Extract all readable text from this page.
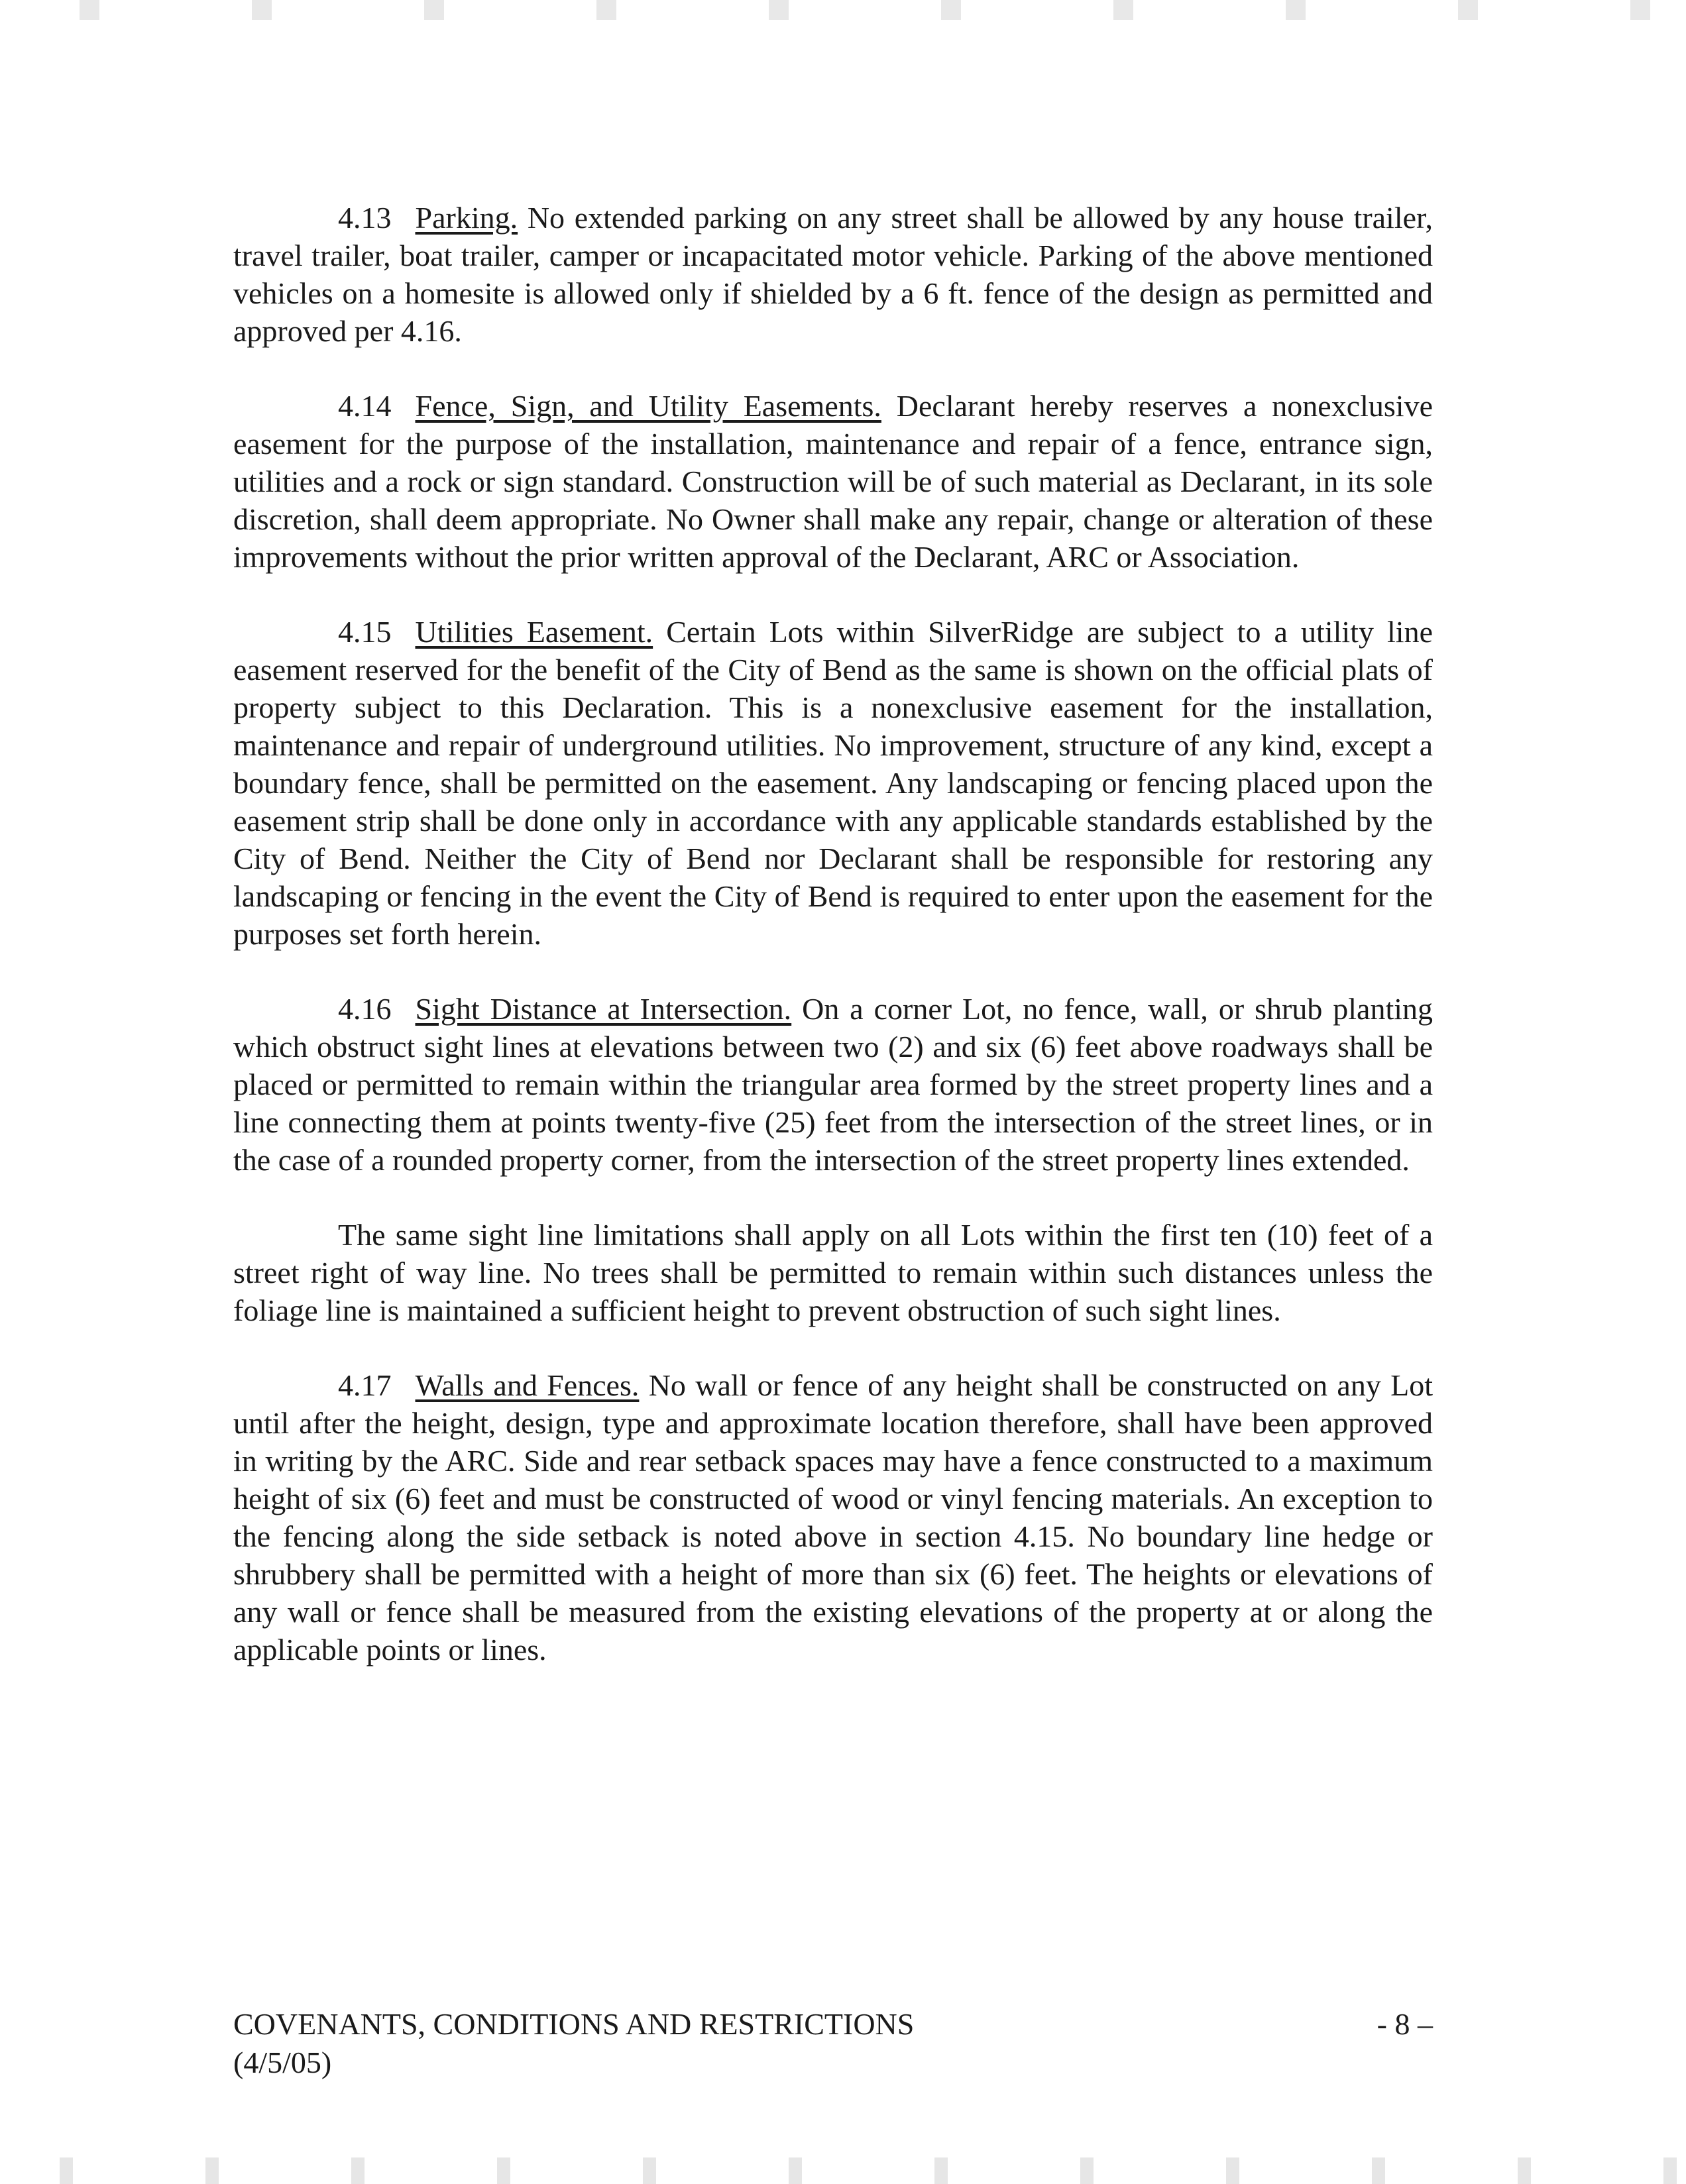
4.13 Parking. No extended parking on any street shall be allowed by any house trailer, travel trailer, boat trailer, camper or incapacitated motor vehicle. Parking of the above mentioned vehicles on a homesite is allowed only if shielded by a 6 ft. fence of the design as permitted and approved per 4.16.

4.14 Fence, Sign, and Utility Easements. Declarant hereby reserves a nonexclusive easement for the purpose of the installation, maintenance and repair of a fence, entrance sign, utilities and a rock or sign standard. Construction will be of such material as Declarant, in its sole discretion, shall deem appropriate. No Owner shall make any repair, change or alteration of these improvements without the prior written approval of the Declarant, ARC or Association.

4.15 Utilities Easement. Certain Lots within SilverRidge are subject to a utility line easement reserved for the benefit of the City of Bend as the same is shown on the official plats of property subject to this Declaration. This is a nonexclusive easement for the installation, maintenance and repair of underground utilities. No improvement, structure of any kind, except a boundary fence, shall be permitted on the easement. Any landscaping or fencing placed upon the easement strip shall be done only in accordance with any applicable standards established by the City of Bend. Neither the City of Bend nor Declarant shall be responsible for restoring any landscaping or fencing in the event the City of Bend is required to enter upon the easement for the purposes set forth herein.

4.16 Sight Distance at Intersection. On a corner Lot, no fence, wall, or shrub planting which obstruct sight lines at elevations between two (2) and six (6) feet above roadways shall be placed or permitted to remain within the triangular area formed by the street property lines and a line connecting them at points twenty-five (25) feet from the intersection of the street lines, or in the case of a rounded property corner, from the intersection of the street property lines extended.

The same sight line limitations shall apply on all Lots within the first ten (10) feet of a street right of way line. No trees shall be permitted to remain within such distances unless the foliage line is maintained a sufficient height to prevent obstruction of such sight lines.

4.17 Walls and Fences. No wall or fence of any height shall be constructed on any Lot until after the height, design, type and approximate location therefore, shall have been approved in writing by the ARC. Side and rear setback spaces may have a fence constructed to a maximum height of six (6) feet and must be constructed of wood or vinyl fencing materials. An exception to the fencing along the side setback is noted above in section 4.15. No boundary line hedge or shrubbery shall be permitted with a height of more than six (6) feet. The heights or elevations of any wall or fence shall be measured from the existing elevations of the property at or along the applicable points or lines.

COVENANTS, CONDITIONS AND RESTRICTIONS
(4/5/05)
- 8 –
